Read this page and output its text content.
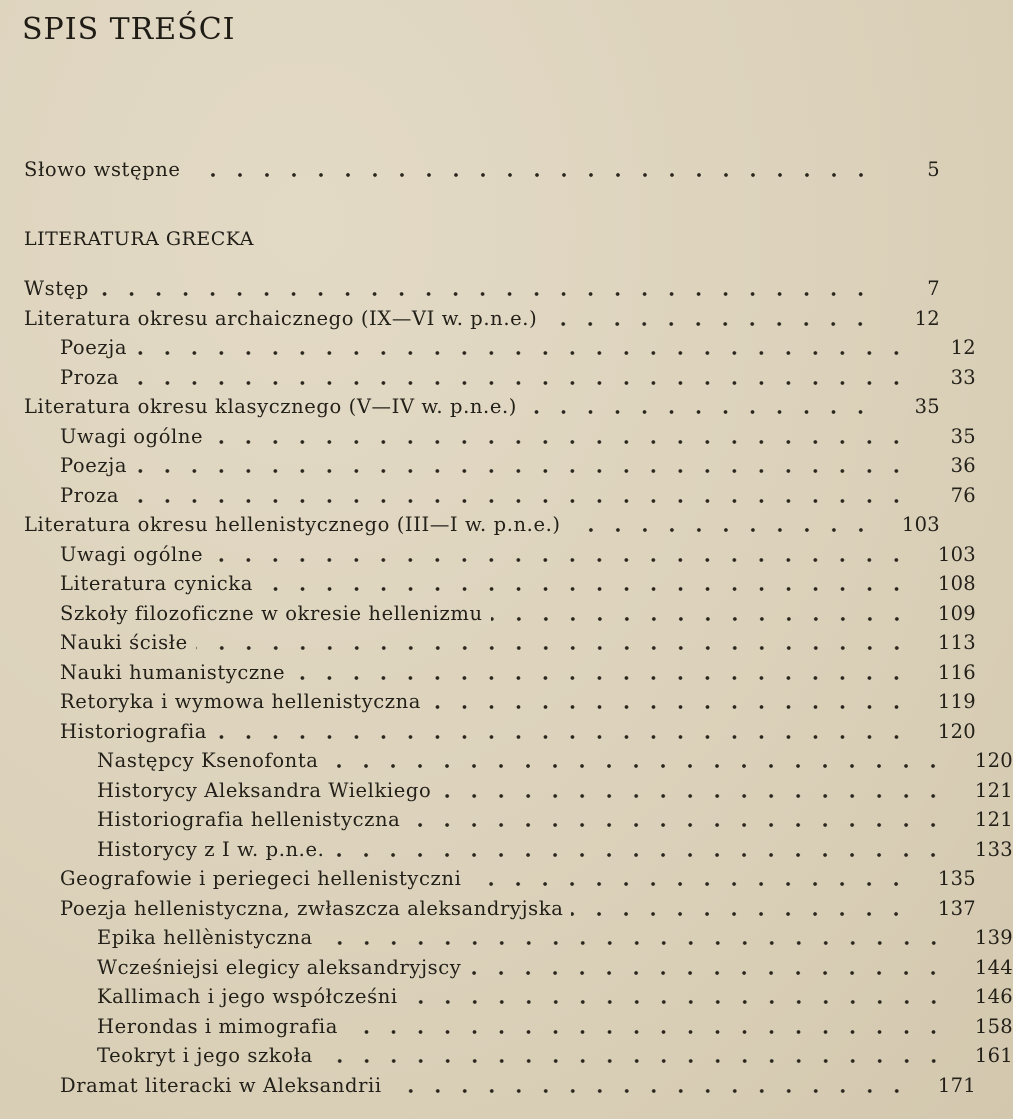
SPIS TREŚCI
LITERATURA GRECKA
Słowo wstępne	5
Wstęp	7
Literatura okresu archaicznego (IX—VI w. p.n.e.)	12
Poezja	12
Proza	33
Literatura okresu klasycznego (V—IV w. p.n.e.)	35
Uwagi ogólne	35
Poezja	36
Proza	76
Literatura okresu hellenistycznego (III—I w. p.n.e.)	103
Uwagi ogólne	103
Literatura cynicka	108
Szkoły filozoficzne w okresie hellenizmu	109
Nauki ścisłe	113
Nauki humanistyczne	116
Retoryka i wymowa hellenistyczna	119
Historiografia	120
Następcy Ksenofonta	120
Historycy Aleksandra Wielkiego	121
Historiografia hellenistyczna	121
Historycy z I w. p.n.e.	133
Geografowie i periegeci hellenistyczni	135
Poezja hellenistyczna, zwłaszcza aleksandryjska	137
Epika hellènistyczna	139
Wcześniejsi elegicy aleksandryjscy	144
Kallimach i jego współcześni	146
Herondas i mimografia	158
Teokryt i jego szkoła	161
Dramat literacki w Aleksandrii	171
